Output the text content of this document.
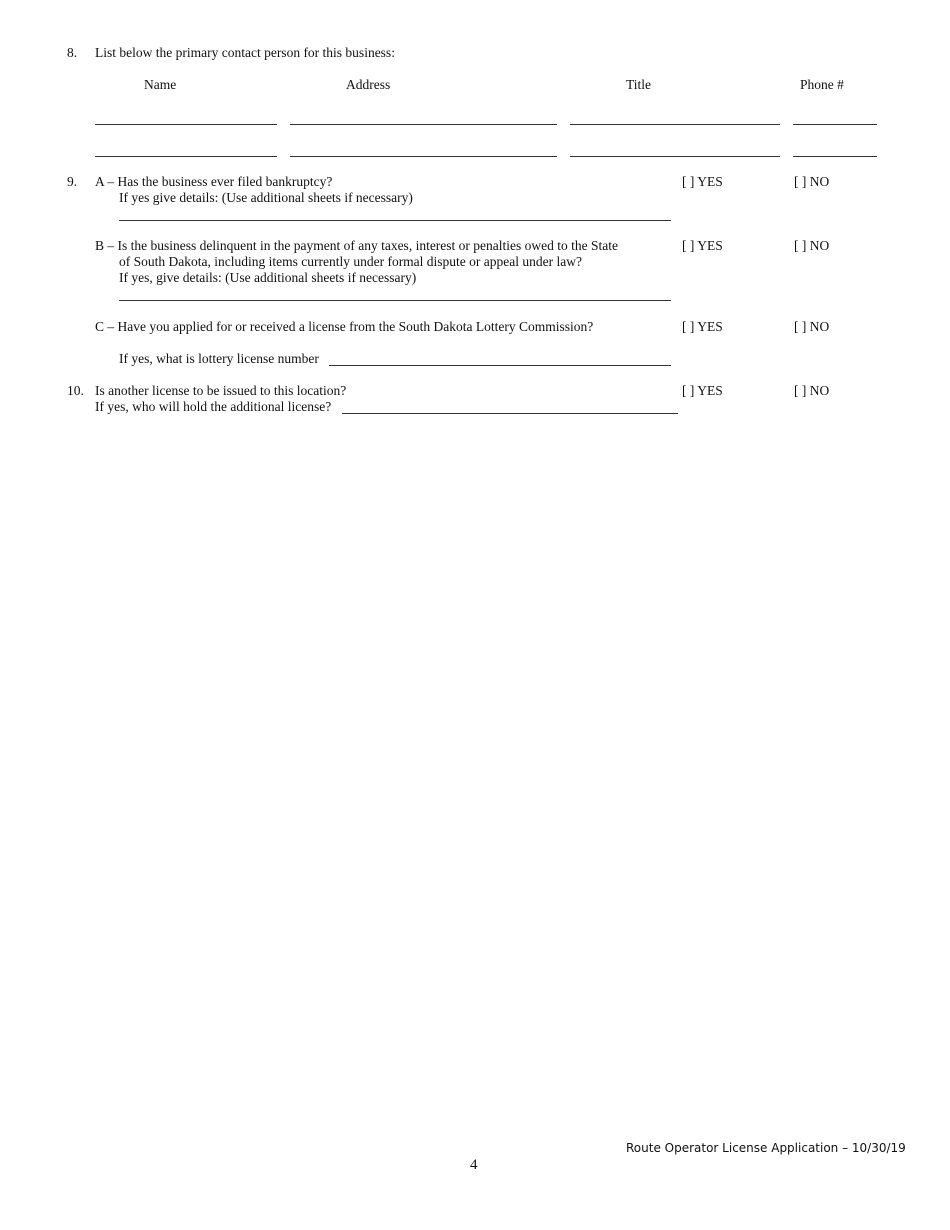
8. List below the primary contact person for this business:
Name	Address	Title	Phone #
9. A – Has the business ever filed bankruptcy?
If yes give details: (Use additional sheets if necessary)
[ ] YES	[ ] NO
B – Is the business delinquent in the payment of any taxes, interest or penalties owed to the State
of South Dakota, including items currently under formal dispute or appeal under law?
If yes, give details: (Use additional sheets if necessary)
[ ] YES	[ ] NO
C – Have you applied for or received a license from the South Dakota Lottery Commission?	[ ] YES	[ ] NO
If yes, what is lottery license number
10. Is another license to be issued to this location?
If yes, who will hold the additional license?
[ ] YES	[ ] NO
Route Operator License Application – 10/30/19
4
